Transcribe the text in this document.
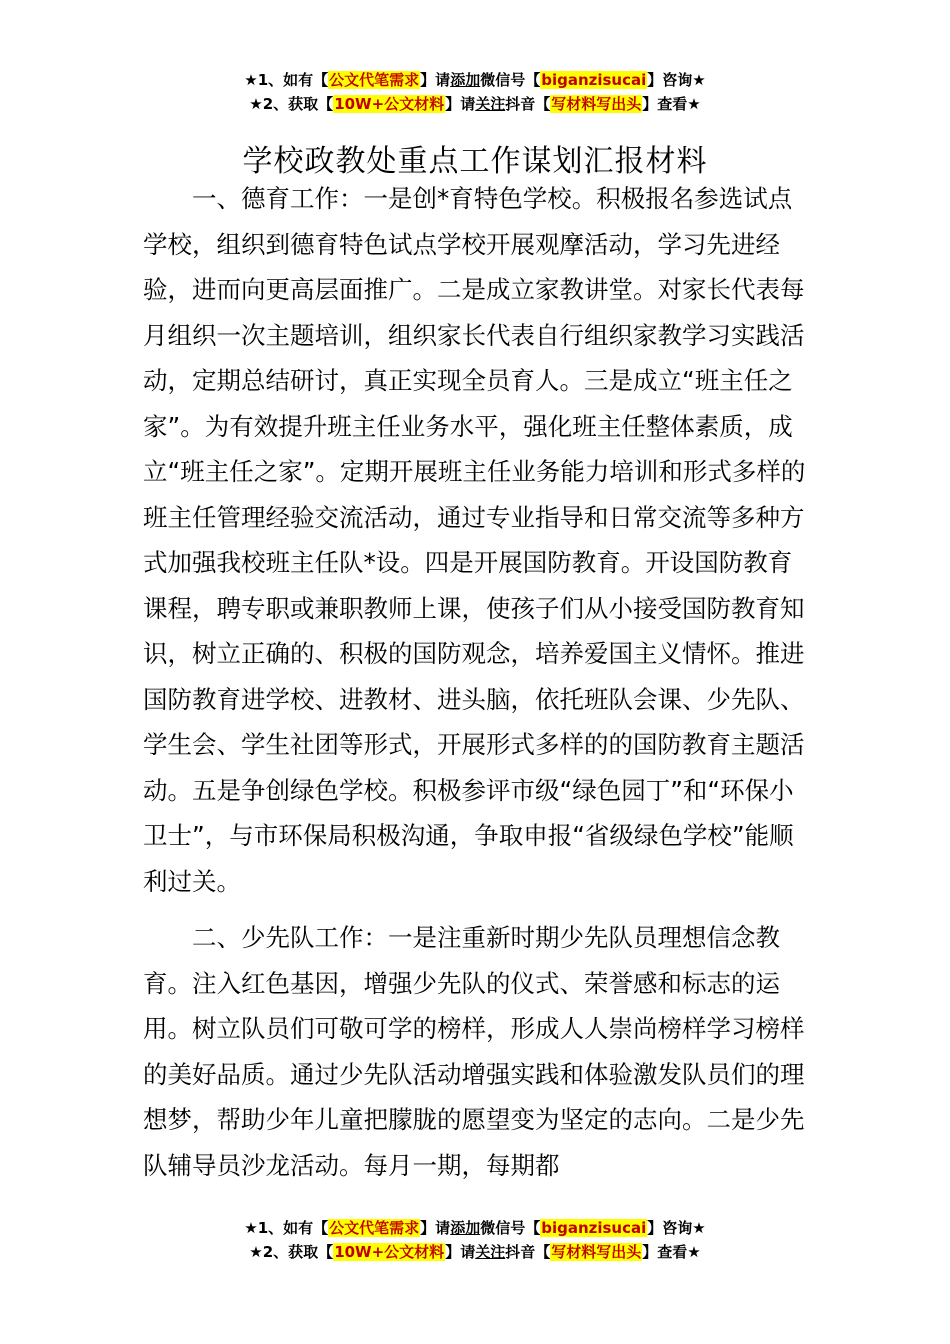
★1、如有【公文代笔需求】请添加微信号【biganzisucai】咨询★
★2、获取【10W+公文材料】请关注抖音【写材料写出头】查看★
学校政教处重点工作谋划汇报材料

一、德育工作：一是创*育特色学校。积极报名参选试点学校，组织到德育特色试点学校开展观摩活动，学习先进经验，进而向更高层面推广。二是成立家教讲堂。对家长代表每月组织一次主题培训，组织家长代表自行组织家教学习实践活动，定期总结研讨，真正实现全员育人。三是成立“班主任之家”。为有效提升班主任业务水平，强化班主任整体素质，成立“班主任之家”。定期开展班主任业务能力培训和形式多样的班主任管理经验交流活动，通过专业指导和日常交流等多种方式加强我校班主任队*设。四是开展国防教育。开设国防教育课程，聘专职或兼职教师上课，使孩子们从小接受国防教育知识，树立正确的、积极的国防观念，培养爱国主义情怀。推进国防教育进学校、进教材、进头脑，依托班队会课、少先队、学生会、学生社团等形式，开展形式多样的的国防教育主题活动。五是争创绿色学校。积极参评市级“绿色园丁”和“环保小卫士”，与市环保局积极沟通，争取申报“省级绿色学校”能顺利过关。

二、少先队工作：一是注重新时期少先队员理想信念教育。注入红色基因，增强少先队的仪式、荣誉感和标志的运用。树立队员们可敬可学的榜样，形成人人崇尚榜样学习榜样的美好品质。通过少先队活动增强实践和体验激发队员们的理想梦，帮助少年儿童把朦胧的愿望变为坚定的志向。二是少先队辅导员沙龙活动。每月一期，每期都

★1、如有【公文代笔需求】请添加微信号【biganzisucai】咨询★
★2、获取【10W+公文材料】请关注抖音【写材料写出头】查看★
